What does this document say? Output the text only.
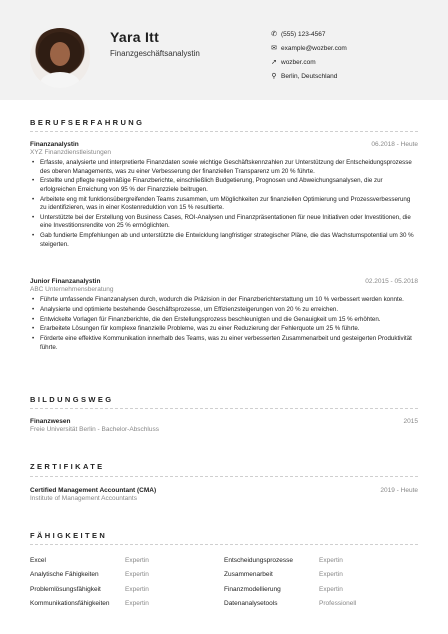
Yara Itt
Finanzgeschäftsanalystin
✆ (555) 123-4567
✉ example@wozber.com
➚ wozber.com
⚲ Berlin, Deutschland
BERUFSERFAHRUNG
Finanzanalystin	06.2018 - Heute
XYZ Finanzdienstleistungen
• Erfasste, analysierte und interpretierte Finanzdaten sowie wichtige Geschäftskennzahlen zur Unterstützung der Entscheidungsprozesse des oberen Managements, was zu einer Verbesserung der finanziellen Transparenz um 20 % führte.
• Erstellte und pflegte regelmäßige Finanzberichte, einschließlich Budgetierung, Prognosen und Abweichungsanalysen, die zur erfolgreichen Erreichung von 95 % der Finanzziele beitrugen.
• Arbeitete eng mit funktionsübergreifenden Teams zusammen, um Möglichkeiten zur finanziellen Optimierung und Prozessverbesserung zu identifizieren, was in einer Kostenreduktion von 15 % resultierte.
• Unterstützte bei der Erstellung von Business Cases, ROI-Analysen und Finanzpräsentationen für neue Initiativen oder Investitionen, die eine Investitionsrendite von 25 % ermöglichten.
• Gab fundierte Empfehlungen ab und unterstützte die Entwicklung langfristiger strategischer Pläne, die das Wachstumspotential um 30 % steigerten.
Junior Finanzanalystin	02.2015 - 05.2018
ABC Unternehmensberatung
• Führte umfassende Finanzanalysen durch, wodurch die Präzision in der Finanzberichterstattung um 10 % verbessert werden konnte.
• Analysierte und optimierte bestehende Geschäftsprozesse, um Effizienzsteigerungen von 20 % zu erreichen.
• Entwickelte Vorlagen für Finanzberichte, die den Erstellungsprozess beschleunigten und die Genauigkeit um 15 % erhöhten.
• Erarbeitete Lösungen für komplexe finanzielle Probleme, was zu einer Reduzierung der Fehlerquote um 25 % führte.
• Förderte eine effektive Kommunikation innerhalb des Teams, was zu einer verbesserten Zusammenarbeit und gesteigerten Produktivität führte.
BILDUNGSWEG
Finanzwesen	2015
Freie Universität Berlin - Bachelor-Abschluss
ZERTIFIKATE
Certified Management Accountant (CMA)	2019 - Heute
Institute of Management Accountants
FÄHIGKEITEN
Excel	Expertin	Entscheidungsprozesse	Expertin
Analytische Fähigkeiten	Expertin	Zusammenarbeit	Expertin
Problemlösungsfähigkeit	Expertin	Finanzmodellierung	Expertin
Kommunikationsfähigkeiten	Expertin	Datenanalysetools	Professionell
